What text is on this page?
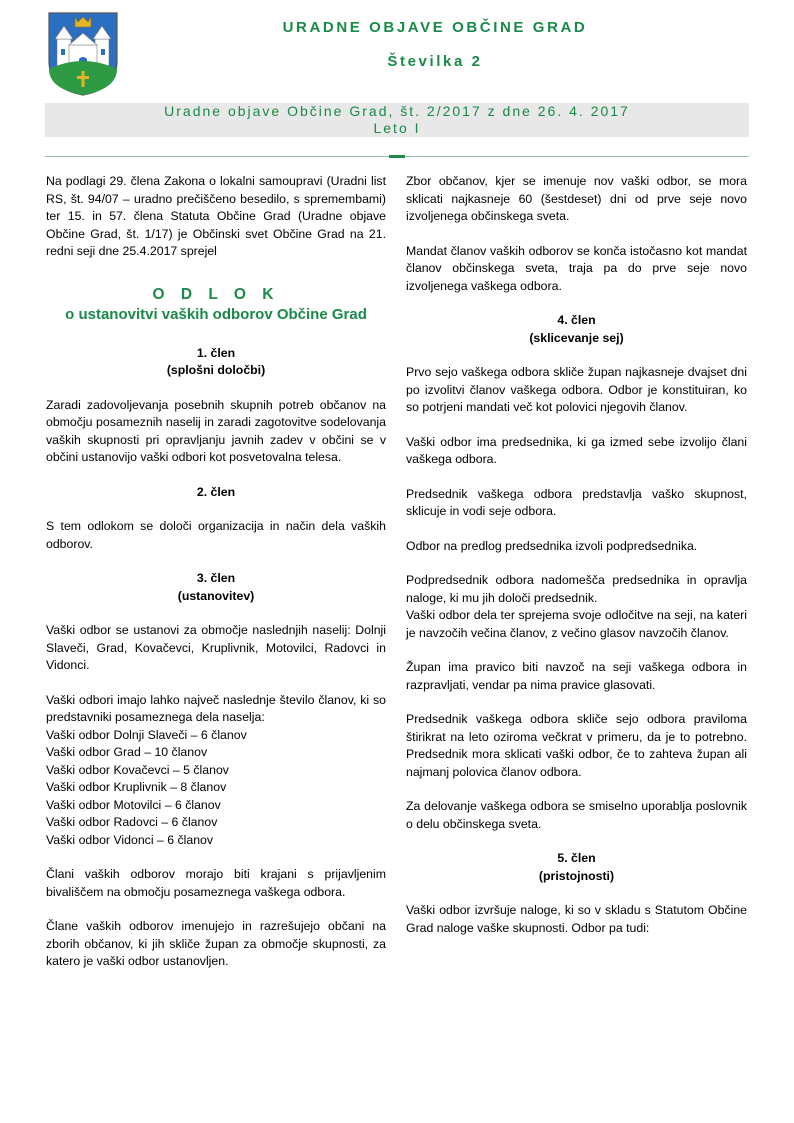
URADNE OBJAVE OBČINE GRAD
Številka 2
Uradne objave Občine Grad, št. 2/2017 z dne 26. 4. 2017
Leto I

Na podlagi 29. člena Zakona o lokalni samoupravi (Uradni list RS, št. 94/07 – uradno prečiščeno besedilo, s spremembami) ter 15. in 57. člena Statuta Občine Grad (Uradne objave Občine Grad, št. 1/17) je Občinski svet Občine Grad na 21. redni seji dne 25.4.2017 sprejel

O D L O K
o ustanovitvi vaških odborov Občine Grad

1. člen

(splošni določbi)

Zaradi zadovoljevanja posebnih skupnih potreb občanov na območju posameznih naselij in zaradi zagotovitve sodelovanja vaških skupnosti pri opravljanju javnih zadev v občini se v občini ustanovijo vaški odbori kot posvetovalna telesa.

2. člen

S tem odlokom se določi organizacija in način dela vaških odborov.

3. člen

(ustanovitev)

Vaški odbor se ustanovi za območje naslednjih naselij: Dolnji Slaveči, Grad, Kovačevci, Kruplivnik, Motovilci, Radovci in Vidonci.

Vaški odbori imajo lahko največ naslednje število članov, ki so predstavniki posameznega dela naselja:

Vaški odbor Dolnji Slaveči – 6 članov
Vaški odbor Grad – 10 članov
Vaški odbor Kovačevci – 5 članov
Vaški odbor Kruplivnik – 8 članov
Vaški odbor Motovilci – 6 članov
Vaški odbor Radovci – 6 članov
Vaški odbor Vidonci – 6 članov

Člani vaških odborov morajo biti krajani s prijavljenim bivališčem na območju posameznega vaškega odbora.

Člane vaških odborov imenujejo in razrešujejo občani na zborih občanov, ki jih skliče župan za območje skupnosti, za katero je vaški odbor ustanovljen.

Zbor občanov, kjer se imenuje nov vaški odbor, se mora sklicati najkasneje 60 (šestdeset) dni od prve seje novo izvoljenega občinskega sveta.

Mandat članov vaških odborov se konča istočasno kot mandat članov občinskega sveta, traja pa do prve seje novo izvoljenega vaškega odbora.

4. člen

(sklicevanje sej)

Prvo sejo vaškega odbora skliče župan najkasneje dvajset dni po izvolitvi članov vaškega odbora. Odbor je konstituiran, ko so potrjeni mandati več kot polovici njegovih članov.

Vaški odbor ima predsednika, ki ga izmed sebe izvolijo člani vaškega odbora.

Predsednik vaškega odbora predstavlja vaško skupnost, sklicuje in vodi seje odbora.

Odbor na predlog predsednika izvoli podpredsednika.

Podpredsednik odbora nadomešča predsednika in opravlja naloge, ki mu jih določi predsednik.

Vaški odbor dela ter sprejema svoje odločitve na seji, na kateri je navzočih večina članov, z večino glasov navzočih članov.

Župan ima pravico biti navzoč na seji vaškega odbora in razpravljati, vendar pa nima pravice glasovati.

Predsednik vaškega odbora skliče sejo odbora praviloma štirikrat na leto oziroma večkrat v primeru, da je to potrebno. Predsednik mora sklicati vaški odbor, če to zahteva župan ali najmanj polovica članov odbora.

Za delovanje vaškega odbora se smiselno uporablja poslovnik o delu občinskega sveta.

5. člen

(pristojnosti)

Vaški odbor izvršuje naloge, ki so v skladu s Statutom Občine Grad naloge vaške skupnosti. Odbor pa tudi:
